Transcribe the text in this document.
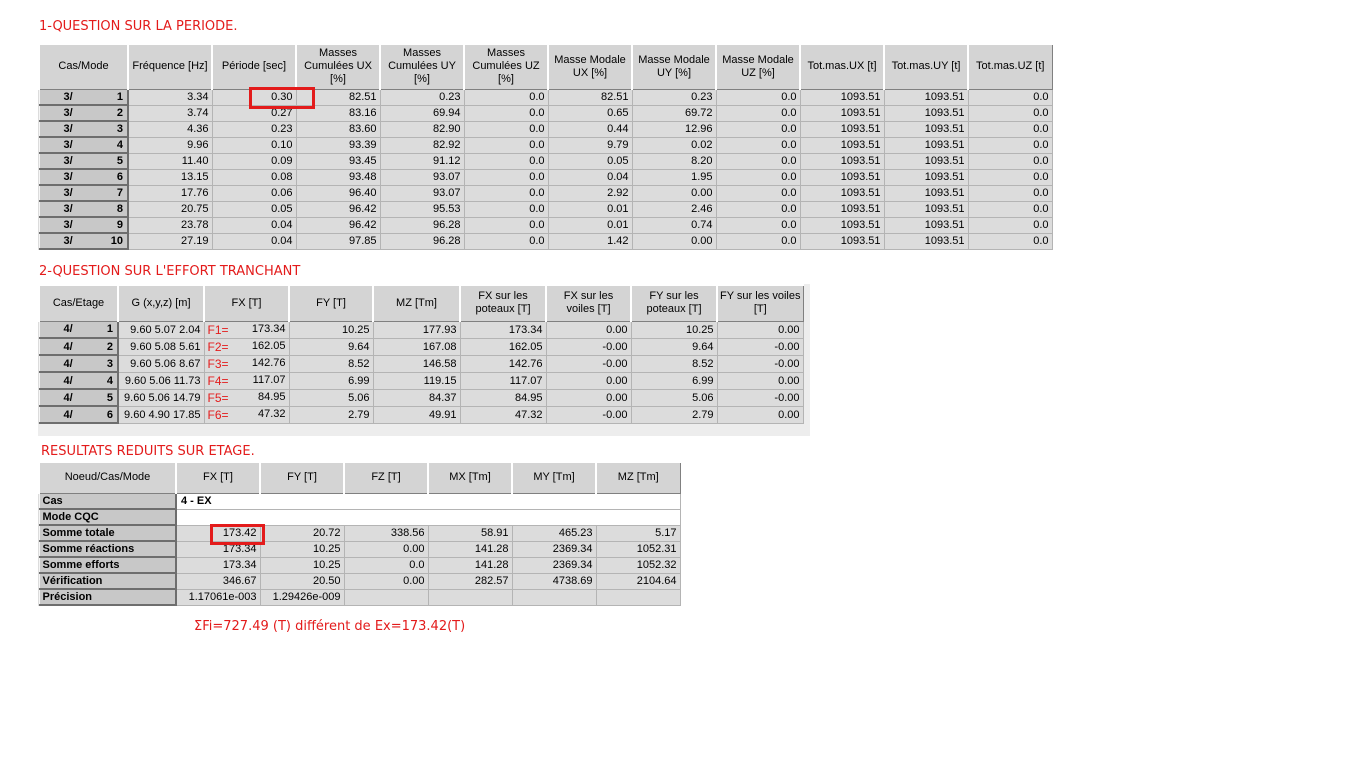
1-QUESTION SUR LA PERIODE.
Cas/Mode	Fréquence [Hz]	Période [sec]	Masses Cumulées UX [%]	Masses Cumulées UY [%]	Masses Cumulées UZ [%]	Masse Modale UX [%]	Masse Modale UY [%]	Masse Modale UZ [%]	Tot.mas.UX [t]	Tot.mas.UY [t]	Tot.mas.UZ [t]

3/ 1	3.34	0.30	82.51	0.23	0.0	82.51	0.23	0.0	1093.51	1093.51	0.0

3/ 2	3.74	0.27	83.16	69.94	0.0	0.65	69.72	0.0	1093.51	1093.51	0.0

3/ 3	4.36	0.23	83.60	82.90	0.0	0.44	12.96	0.0	1093.51	1093.51	0.0

3/ 4	9.96	0.10	93.39	82.92	0.0	9.79	0.02	0.0	1093.51	1093.51	0.0

3/ 5	11.40	0.09	93.45	91.12	0.0	0.05	8.20	0.0	1093.51	1093.51	0.0

3/ 6	13.15	0.08	93.48	93.07	0.0	0.04	1.95	0.0	1093.51	1093.51	0.0

3/ 7	17.76	0.06	96.40	93.07	0.0	2.92	0.00	0.0	1093.51	1093.51	0.0

3/ 8	20.75	0.05	96.42	95.53	0.0	0.01	2.46	0.0	1093.51	1093.51	0.0

3/ 9	23.78	0.04	96.42	96.28	0.0	0.01	0.74	0.0	1093.51	1093.51	0.0

3/ 10	27.19	0.04	97.85	96.28	0.0	1.42	0.00	0.0	1093.51	1093.51	0.0
2-QUESTION SUR L'EFFORT TRANCHANT
Cas/Etage	G (x,y,z) [m]	FX [T]	FY [T]	MZ [Tm]	FX sur les poteaux [T]	FX sur les voiles [T]	FY sur les poteaux [T]	FY sur les voiles [T]

4/ 1	9.60 5.07 2.04	F1= 173.34	10.25	177.93	173.34	0.00	10.25	0.00

4/ 2	9.60 5.08 5.61	F2= 162.05	9.64	167.08	162.05	-0.00	9.64	-0.00

4/ 3	9.60 5.06 8.67	F3= 142.76	8.52	146.58	142.76	-0.00	8.52	-0.00

4/ 4	9.60 5.06 11.73	F4= 117.07	6.99	119.15	117.07	0.00	6.99	0.00

4/ 5	9.60 5.06 14.79	F5= 84.95	5.06	84.37	84.95	0.00	5.06	-0.00

4/ 6	9.60 4.90 17.85	F6= 47.32	2.79	49.91	47.32	-0.00	2.79	0.00
RESULTATS REDUITS SUR ETAGE.
Noeud/Cas/Mode	FX [T]	FY [T]	FZ [T]	MX [Tm]	MY [Tm]	MZ [Tm]
Cas	4 - EX					
Mode CQC						
Somme totale	173.42	20.72	338.56	58.91	465.23	5.17
Somme réactions	173.34	10.25	0.00	141.28	2369.34	1052.31
Somme efforts	173.34	10.25	0.0	141.28	2369.34	1052.32
Vérification	346.67	20.50	0.00	282.57	4738.69	2104.64
Précision	1.17061e-003	1.29426e-009				
ΣFi=727.49 (T) différent de Ex=173.42(T)
